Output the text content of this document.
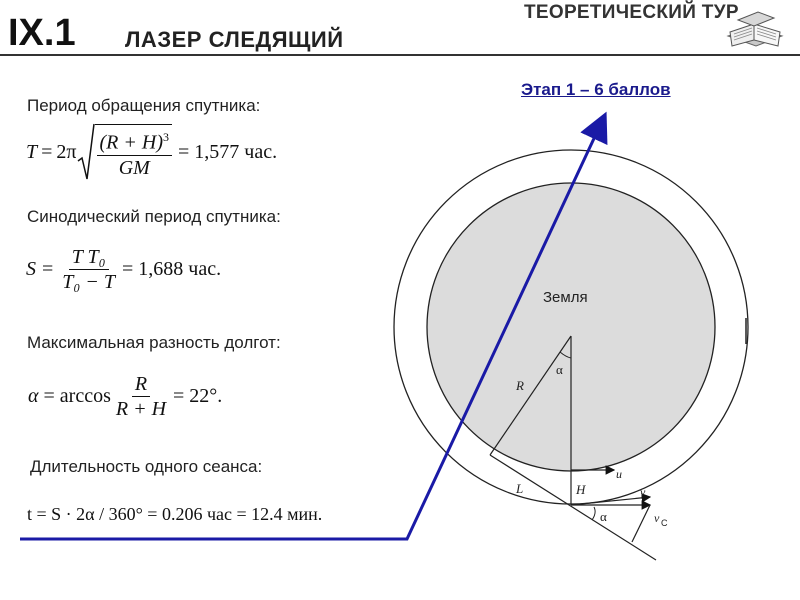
IX.1 ЛАЗЕР СЛЕДЯЩИЙ
ТЕОРЕТИЧЕСКИЙ ТУР
Этап 1 – 6 баллов
Период обращения спутника:
$T = 2\pi \frac{(R + H)^3}{GM} = 1,577$ час.
Синодический период спутника:
$S = \frac{\text{T T₀}}{\text{T₀ − T}} = 1,688$ час.
Максимальная разность долгот:
$\alpha = \arccos \frac{R}{R + H} = 22^\circ$.
Длительность одного сеанса:
t = S · 2α / 360° = 0.206 час = 12.4 мин.
Земля
R
α
L	H
u
v
α	v C
